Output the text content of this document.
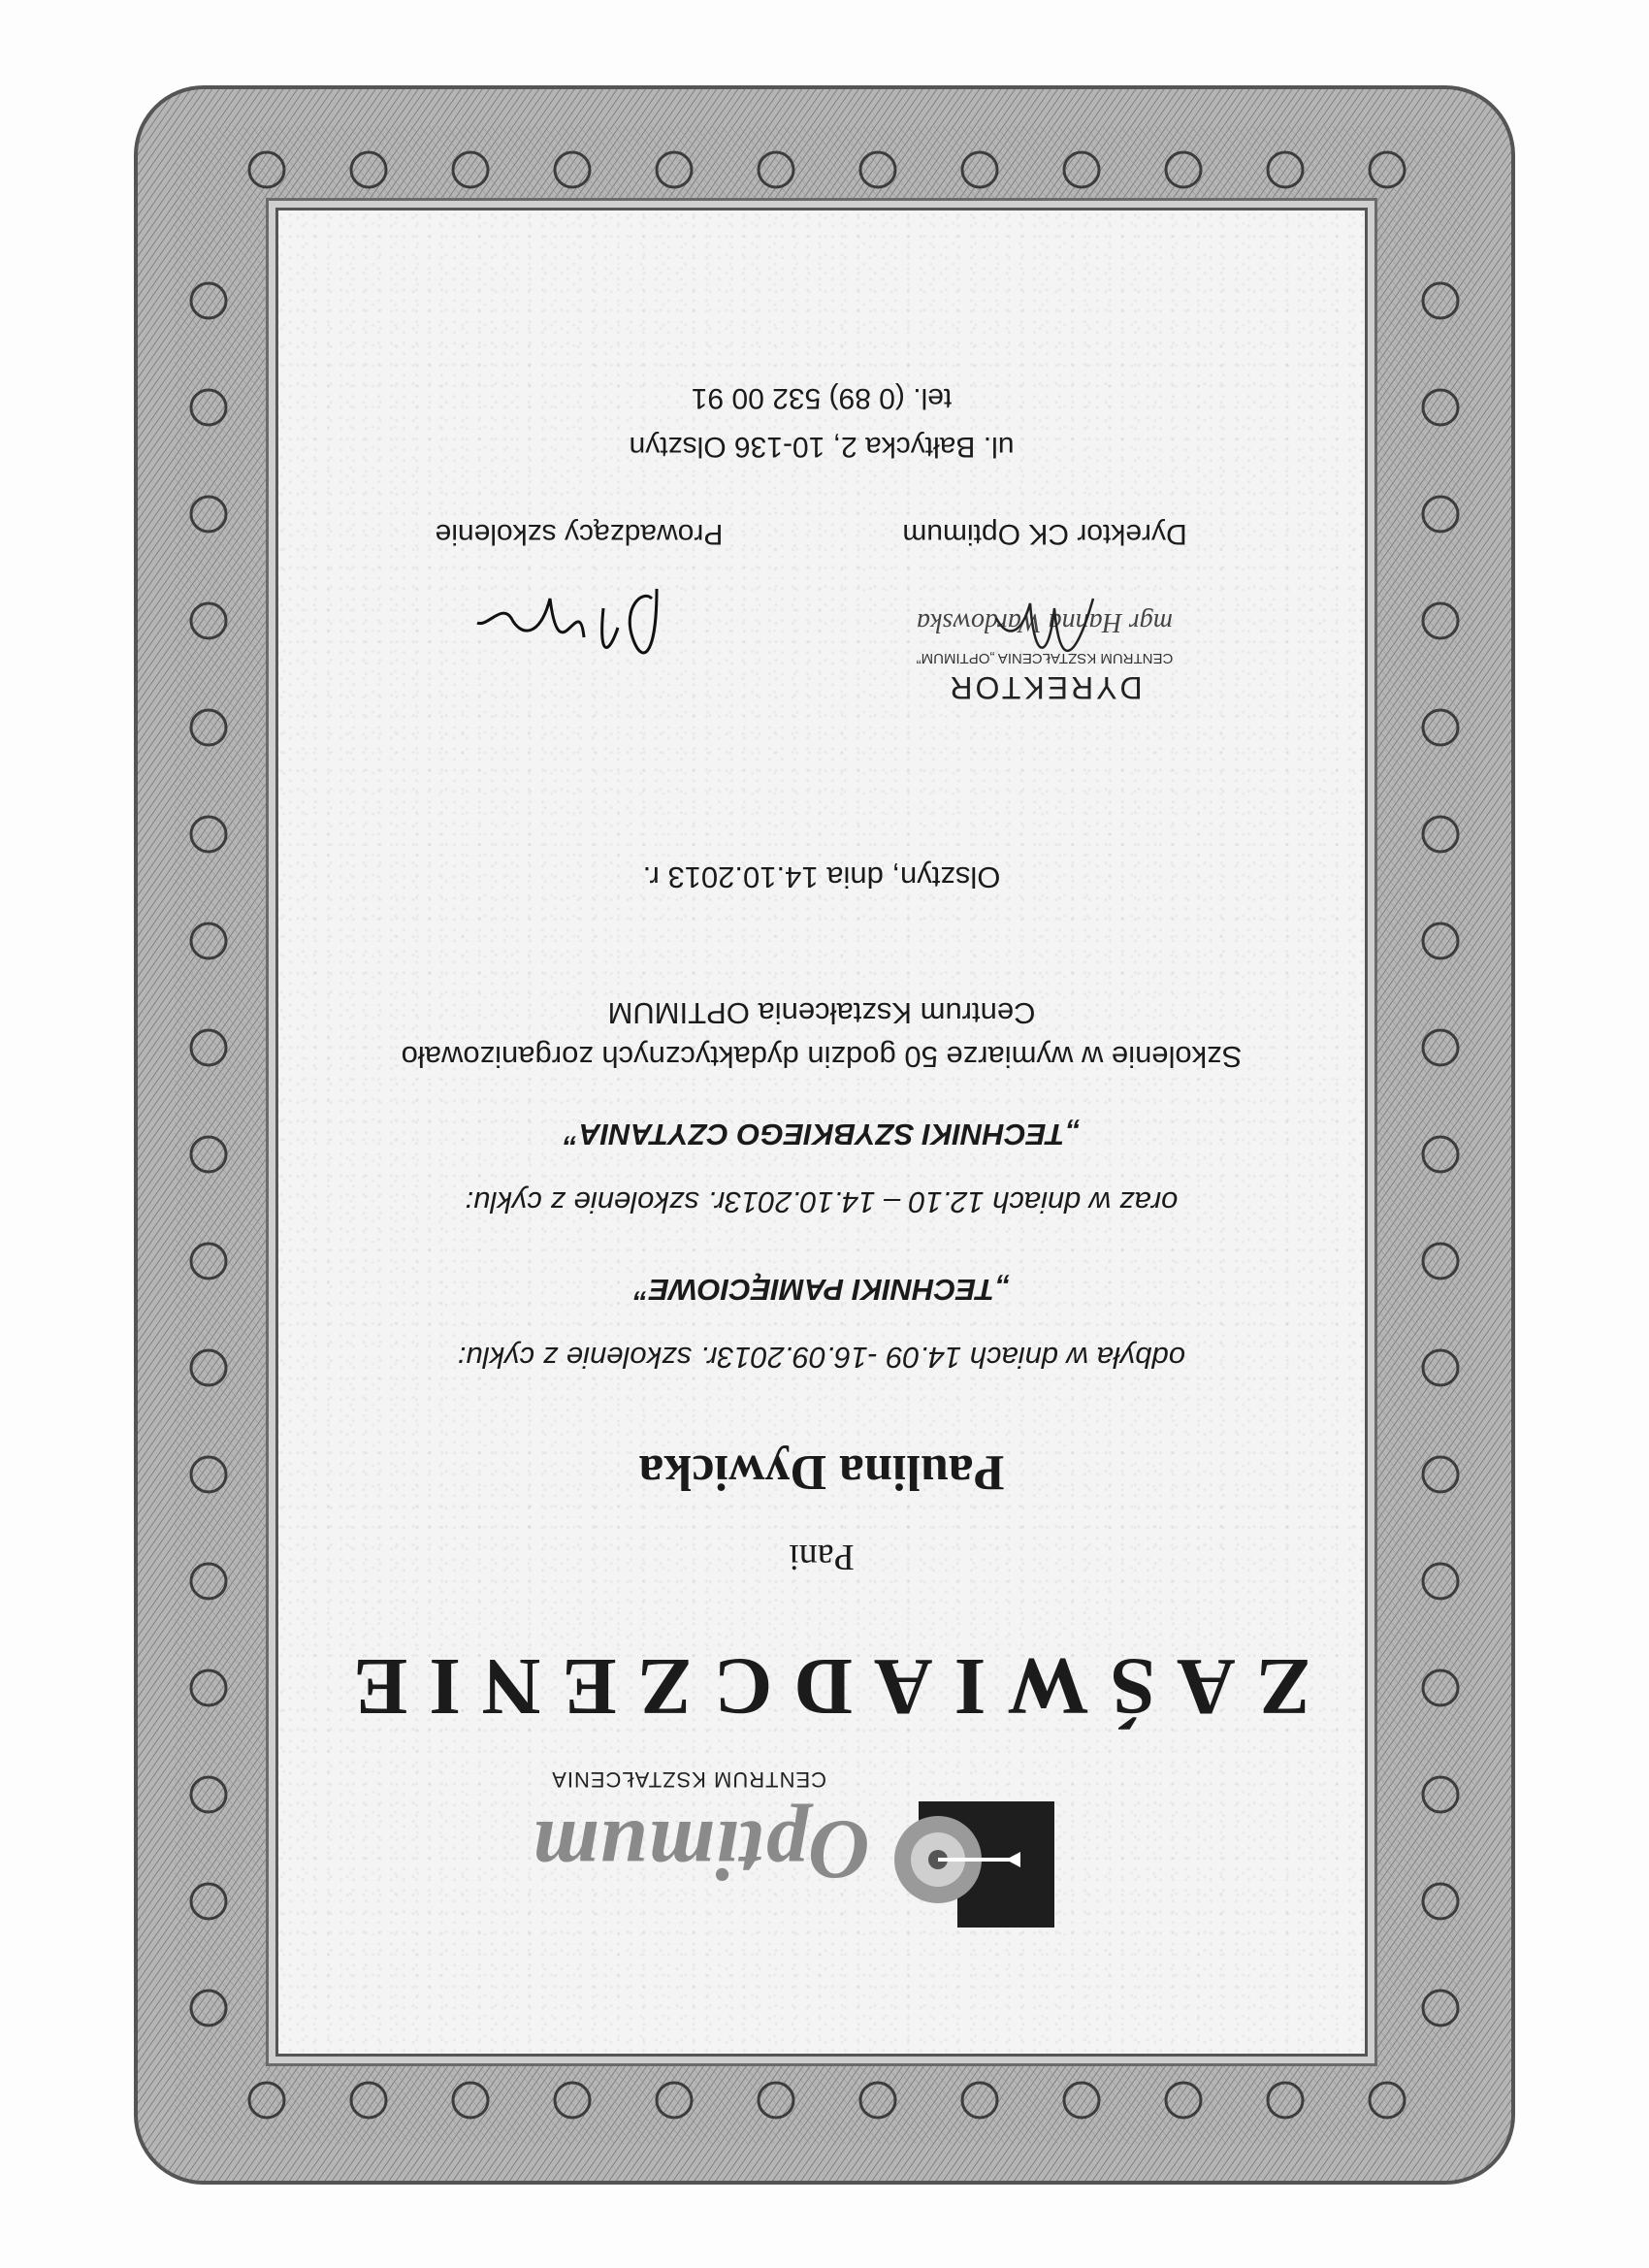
Optimum
CENTRUM KSZTAŁCENIA
ZAŚWIADCZENIE
Pani
Paulina Dywicka
odbyła w dniach 14.09 -16.09.2013r. szkolenie z cyklu:
„TECHNIKI PAMIĘCIOWE”
oraz w dniach 12.10 – 14.10.2013r. szkolenie z cyklu:
„TECHNIKI SZYBKIEGO CZYTANIA”
Szkolenie w wymiarze 50 godzin dydaktycznych zorganizowało
Centrum Kształcenia OPTIMUM
Olsztyn, dnia 14.10.2013 r.
DYREKTOR
CENTRUM KSZTAŁCENIA „OPTIMUM”
mgr Hanna Wardowska
Dyrektor CK Optimum
Prowadzący szkolenie
ul. Bałtycka 2, 10-136 Olsztyn
tel. (0 89) 532 00 91
